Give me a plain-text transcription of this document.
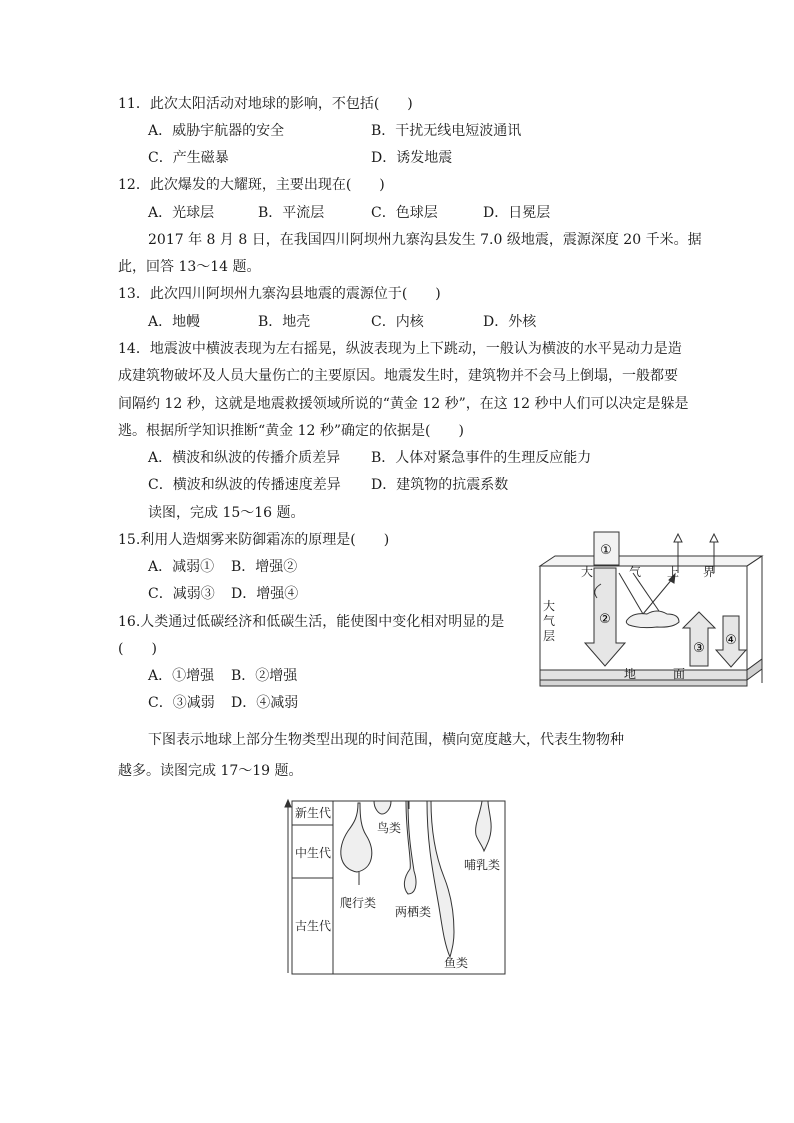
11．此次太阳活动对地球的影响，不包括(　　)
A．威胁宇航器的安全	B．干扰无线电短波通讯
C．产生磁暴	D．诱发地震
12．此次爆发的大耀斑，主要出现在(　　)
A．光球层	B．平流层	C．色球层	D．日冕层
2017 年 8 月 8 日，在我国四川阿坝州九寨沟县发生 7.0 级地震，震源深度 20 千米。据
此，回答 13～14 题。
13．此次四川阿坝州九寨沟县地震的震源位于(　　)
A．地幔	B．地壳	C．内核	D．外核
14．地震波中横波表现为左右摇晃，纵波表现为上下跳动，一般认为横波的水平晃动力是造
成建筑物破坏及人员大量伤亡的主要原因。地震发生时，建筑物并不会马上倒塌，一般都要
间隔约 12 秒，这就是地震救援领域所说的“黄金 12 秒”，在这 12 秒中人们可以决定是躲是
逃。根据所学知识推断“黄金 12 秒”确定的依据是(　　)
A．横波和纵波的传播介质差异 B．人体对紧急事件的生理反应能力
C．横波和纵波的传播速度差异 D．建筑物的抗震系数
读图，完成 15～16 题。
15.利用人造烟雾来防御霜冻的原理是(　　)
A．减弱① B．增强②
C．减弱③ D．增强④
16.人类通过低碳经济和低碳生活，能使图中变化相对明显的是
(　　)
A．①增强 B．②增强
C．③减弱 D．④减弱
①
②
③
④
大	气 上 界
大
气
层
地	面
下图表示地球上部分生物类型出现的时间范围，横向宽度越大，代表生物物种
越多。读图完成 17～19 题。
新生代
中生代
古生代
鸟类
爬行类
两栖类
哺乳类
鱼类
